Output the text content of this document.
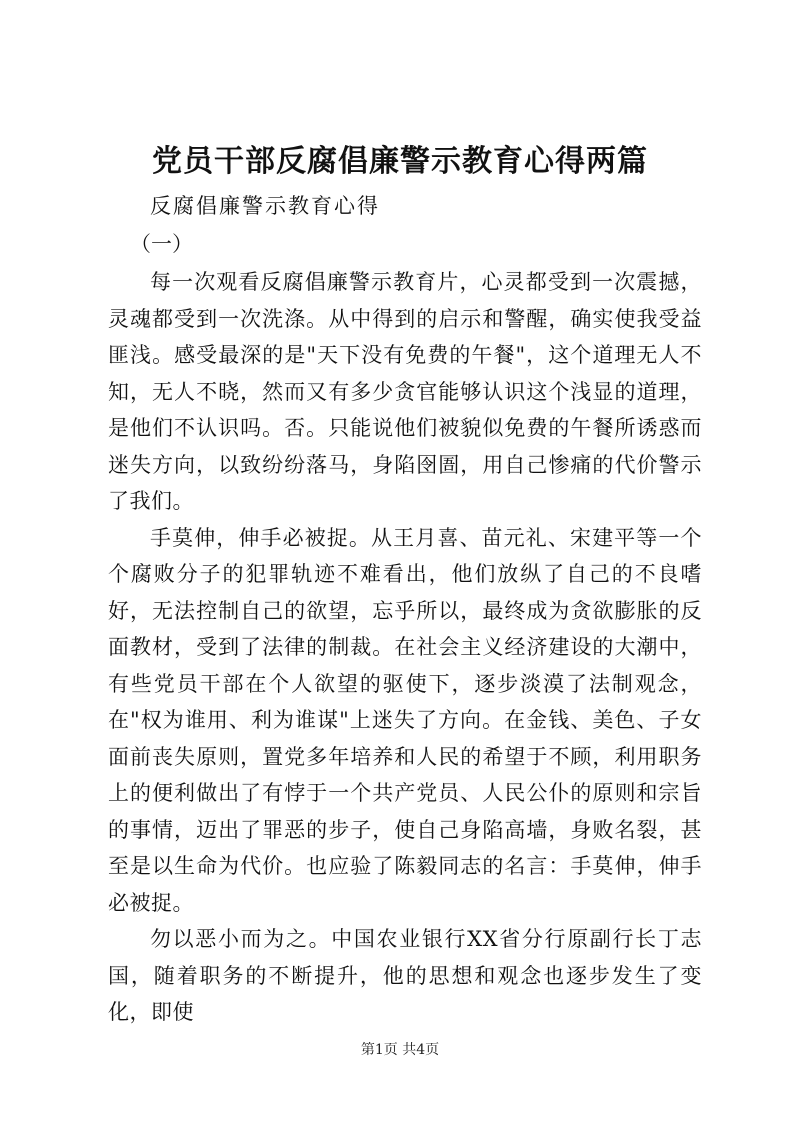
党员干部反腐倡廉警示教育心得两篇
反腐倡廉警示教育心得
（一）

每一次观看反腐倡廉警示教育片，心灵都受到一次震撼，灵魂都受到一次洗涤。从中得到的启示和警醒，确实使我受益匪浅。感受最深的是"天下没有免费的午餐"，这个道理无人不知，无人不晓，然而又有多少贪官能够认识这个浅显的道理，是他们不认识吗。否。只能说他们被貌似免费的午餐所诱惑而迷失方向，以致纷纷落马，身陷囹圄，用自己惨痛的代价警示了我们。

手莫伸，伸手必被捉。从王月喜、苗元礼、宋建平等一个个腐败分子的犯罪轨迹不难看出，他们放纵了自己的不良嗜好，无法控制自己的欲望，忘乎所以，最终成为贪欲膨胀的反面教材，受到了法律的制裁。在社会主义经济建设的大潮中，有些党员干部在个人欲望的驱使下，逐步淡漠了法制观念，在"权为谁用、利为谁谋"上迷失了方向。在金钱、美色、子女面前丧失原则，置党多年培养和人民的希望于不顾，利用职务上的便利做出了有悖于一个共产党员、人民公仆的原则和宗旨的事情，迈出了罪恶的步子，使自己身陷高墙，身败名裂，甚至是以生命为代价。也应验了陈毅同志的名言：手莫伸，伸手必被捉。

勿以恶小而为之。中国农业银行XX省分行原副行长丁志国，随着职务的不断提升，他的思想和观念也逐步发生了变化，即使

第1页 共4页
